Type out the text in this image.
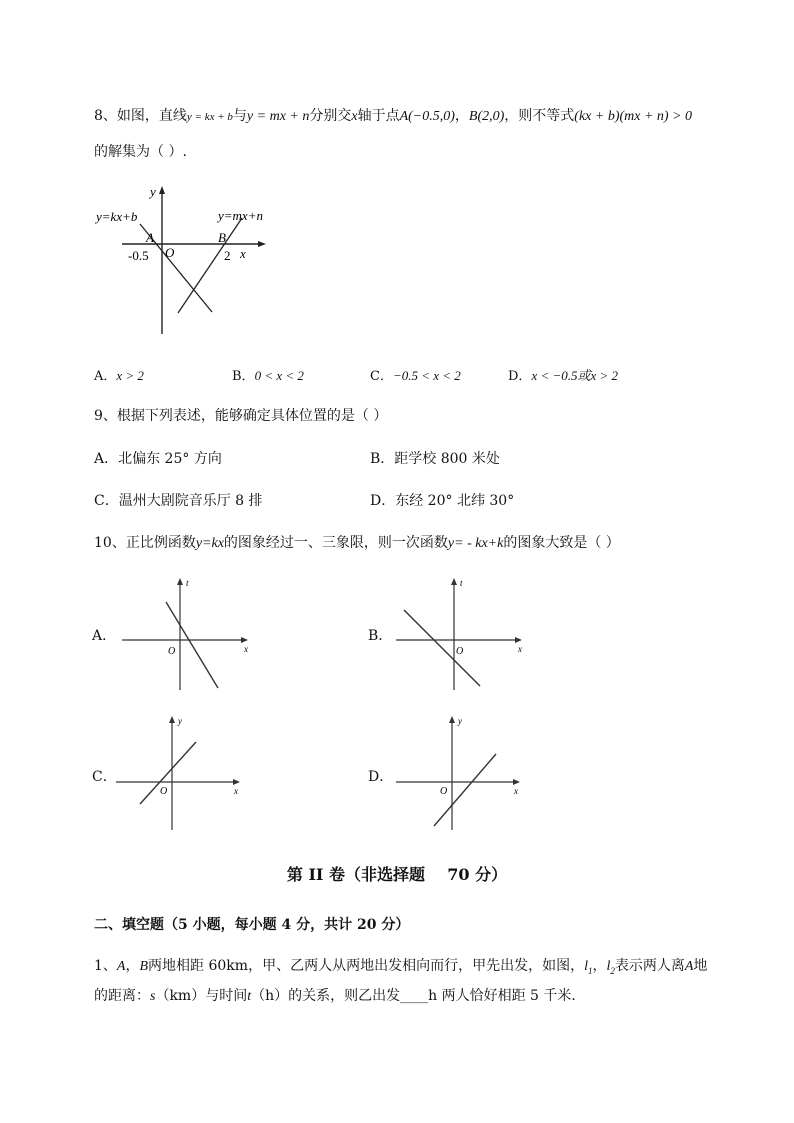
8、如图，直线y = kx + b与y = mx + n分别交x轴于点A(−0.5,0)，B(2,0)，则不等式(kx + b)(mx + n) > 0
的解集为（ ）.
y
x
y=kx+b	y=mx+n
A
O
B
-0.5	2
A．x > 2	B．0 < x < 2	C．−0.5 < x < 2	D．x < −0.5或x > 2
9、根据下列表述，能够确定具体位置的是（ ）
A．北偏东 25° 方向	B．距学校 800 米处
C．温州大剧院音乐厅 8 排	D．东经 20° 北纬 30°
10、正比例函数y=kx的图象经过一、三象限，则一次函数y= - kx+k的图象大致是（ ）
A．
t
x
O
B．
t
x
O
C．
y
x
O
D．
y
x
O
第 II 卷（非选择题    70 分）
二、填空题（5 小题，每小题 4 分，共计 20 分）
1、A，B两地相距 60km，甲、乙两人从两地出发相向而行，甲先出发，如图，$l_1$，$l_2$表示两人离A地
的距离：s（km）与时间t（h）的关系，则乙出发____h 两人恰好相距 5 千米．
